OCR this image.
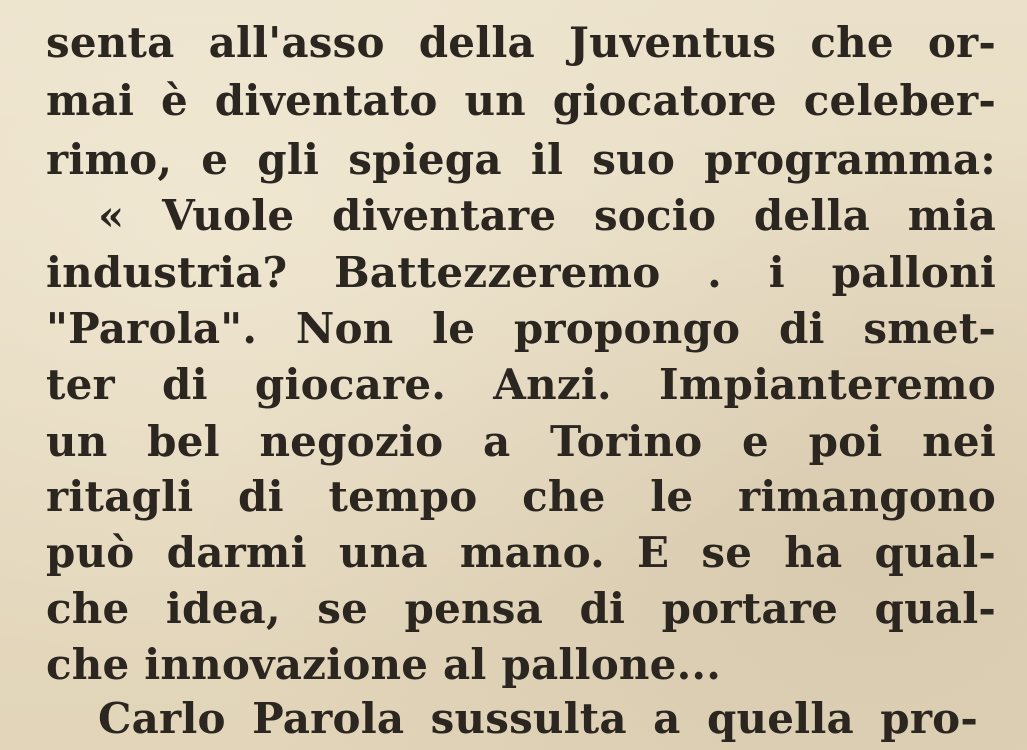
senta all'asso della Juventus che or-
mai è diventato un giocatore celeber-
rimo, e gli spiega il suo programma:
« Vuole diventare socio della mia
industria? Battezzeremo . i palloni
"Parola". Non le propongo di smet-
ter di giocare. Anzi. Impianteremo
un bel negozio a Torino e poi nei
ritagli di tempo che le rimangono
può darmi una mano. E se ha qual-
che idea, se pensa di portare qual-
che innovazione al pallone...
Carlo Parola sussulta a quella pro-
